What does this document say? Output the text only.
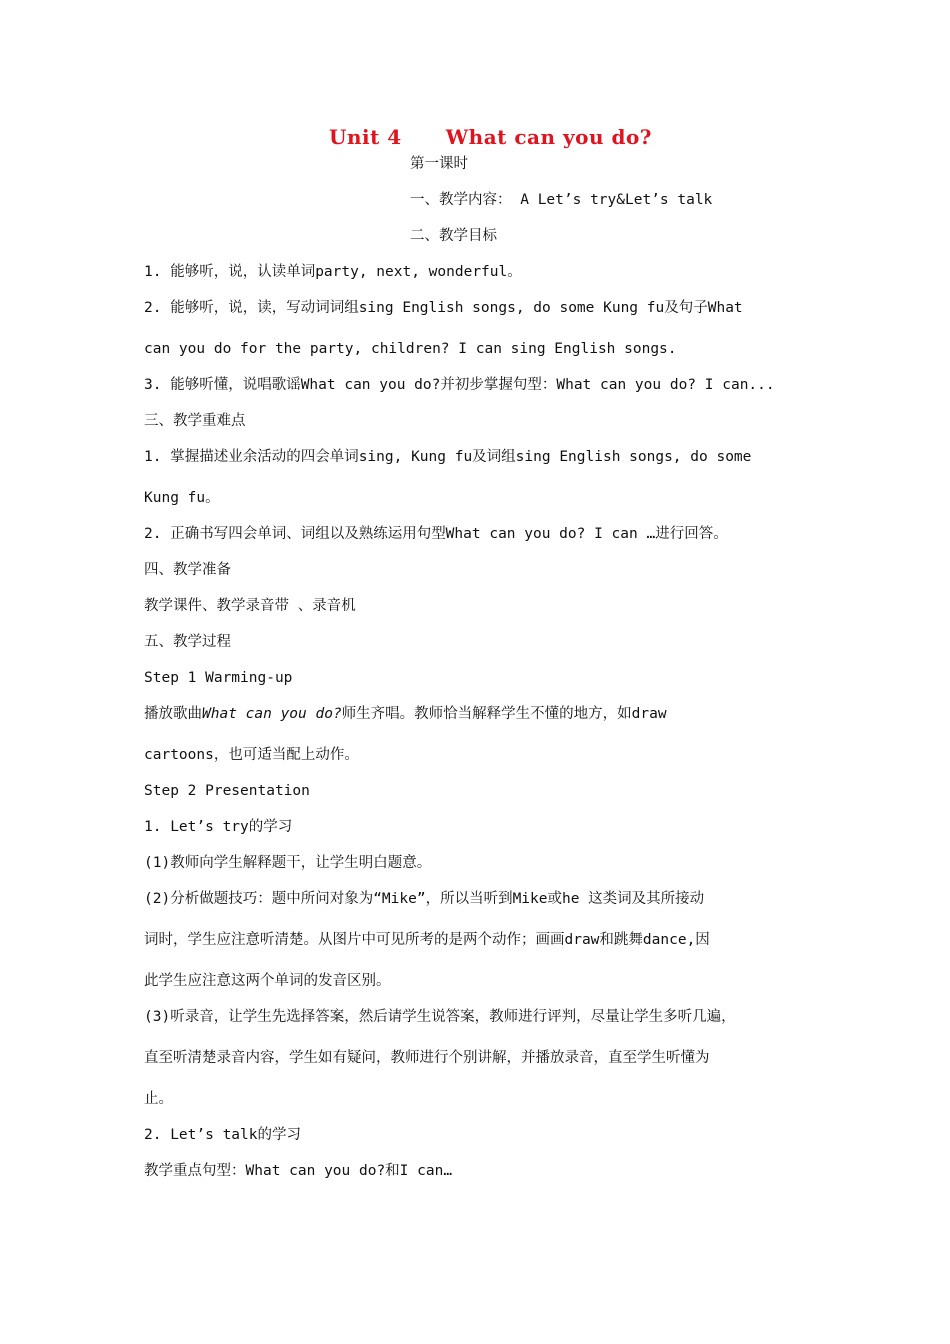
Unit 4 What can you do?
第一课时
一、教学内容： A Let’s try&Let’s talk
二、教学目标
1. 能够听，说，认读单词party, next, wonderful。
2. 能够听，说，读，写动词词组sing English songs, do some Kung fu及句子What
can you do for the party, children? I can sing English songs.
3. 能够听懂，说唱歌谣What can you do?并初步掌握句型：What can you do? I can...
三、教学重难点
1. 掌握描述业余活动的四会单词sing, Kung fu及词组sing English songs, do some
Kung fu。
2. 正确书写四会单词、词组以及熟练运用句型What can you do? I can …进行回答。
四、教学准备
教学课件、教学录音带 、录音机
五、教学过程
Step 1 Warming-up
播放歌曲What can you do?师生齐唱。教师恰当解释学生不懂的地方，如draw
cartoons，也可适当配上动作。
Step 2 Presentation
1. Let’s try的学习
(1)教师向学生解释题干，让学生明白题意。
(2)分析做题技巧：题中所问对象为“Mike”，所以当听到Mike或he 这类词及其所接动
词时，学生应注意听清楚。从图片中可见所考的是两个动作；画画draw和跳舞dance,因
此学生应注意这两个单词的发音区别。
(3)听录音，让学生先选择答案，然后请学生说答案，教师进行评判，尽量让学生多听几遍，
直至听清楚录音内容，学生如有疑问，教师进行个别讲解，并播放录音，直至学生听懂为
止。
2. Let’s talk的学习
教学重点句型：What can you do?和I can…
